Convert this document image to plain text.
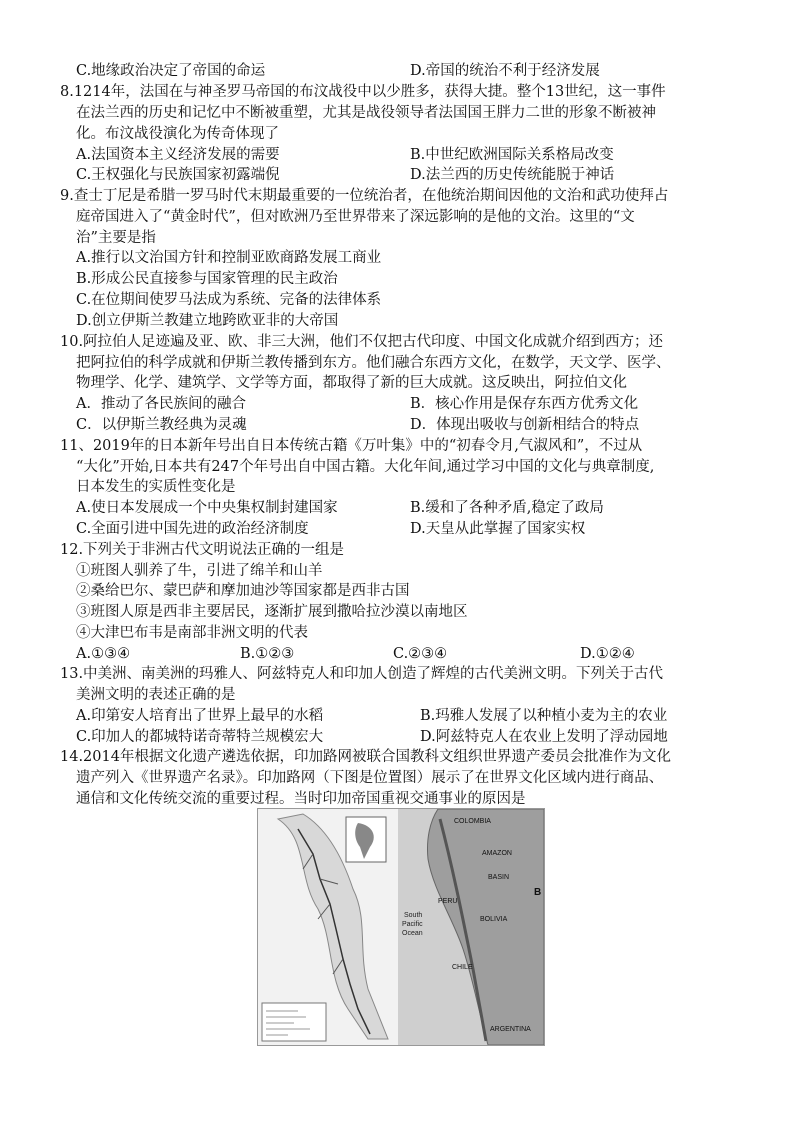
C.地缘政治决定了帝国的命运	D.帝国的统治不利于经济发展
8.1214年，法国在与神圣罗马帝国的布汶战役中以少胜多，获得大捷。整个13世纪，这一事件
在法兰西的历史和记忆中不断被重塑，尤其是战役领导者法国国王胖力二世的形象不断被神
化。布汶战役演化为传奇体现了
A.法国资本主义经济发展的需要	B.中世纪欧洲国际关系格局改变
C.王权强化与民族国家初露端倪	D.法兰西的历史传统能脱于神话
9.查士丁尼是希腊一罗马时代末期最重要的一位统治者，在他统治期间因他的文治和武功使拜占
庭帝国进入了“黄金时代”，但对欧洲乃至世界带来了深远影响的是他的文治。这里的“文
治”主要是指
A.推行以文治国方针和控制亚欧商路发展工商业
B.形成公民直接参与国家管理的民主政治
C.在位期间使罗马法成为系统、完备的法律体系
D.创立伊斯兰教建立地跨欧亚非的大帝国
10.阿拉伯人足迹遍及亚、欧、非三大洲，他们不仅把古代印度、中国文化成就介绍到西方；还
把阿拉伯的科学成就和伊斯兰教传播到东方。他们融合东西方文化，在数学，天文学、医学、
物理学、化学、建筑学、文学等方面，都取得了新的巨大成就。这反映出，阿拉伯文化
A．推动了各民族间的融合	B．核心作用是保存东西方优秀文化
C．以伊斯兰教经典为灵魂	D．体现出吸收与创新相结合的特点
11、2019年的日本新年号出自日本传统古籍《万叶集》中的“初春令月,气淑风和”，不过从
“大化”开始,日本共有247个年号出自中国古籍。大化年间,通过学习中国的文化与典章制度,
日本发生的实质性变化是
A.使日本发展成一个中央集权制封建国家	B.缓和了各种矛盾,稳定了政局
C.全面引进中国先进的政治经济制度	D.天皇从此掌握了国家实权
12.下列关于非洲古代文明说法正确的一组是
①班图人驯养了牛，引进了绵羊和山羊
②桑给巴尔、蒙巴萨和摩加迪沙等国家都是西非古国
③班图人原是西非主要居民，逐渐扩展到撒哈拉沙漠以南地区
④大津巴布韦是南部非洲文明的代表
A.①③④	B.①②③	C.②③④	D.①②④
13.中美洲、南美洲的玛雅人、阿兹特克人和印加人创造了辉煌的古代美洲文明。下列关于古代
美洲文明的表述正确的是
A.印第安人培育出了世界上最早的水稻	B.玛雅人发展了以种植小麦为主的农业
C.印加人的都城特诺奇蒂特兰规模宏大	D.阿兹特克人在农业上发明了浮动园地
14.2014年根据文化遗产遴选依据，印加路网被联合国教科文组织世界遗产委员会批准作为文化
遗产列入《世界遗产名录》。印加路网（下图是位置图）展示了在世界文化区域内进行商品、
通信和文化传统交流的重要过程。当时印加帝国重视交通事业的原因是
COLOMBIA
AMAZON
BASIN
PERU
BOLIVIA
B
South
Pacific
Ocean
CHILE
ARGENTINA
